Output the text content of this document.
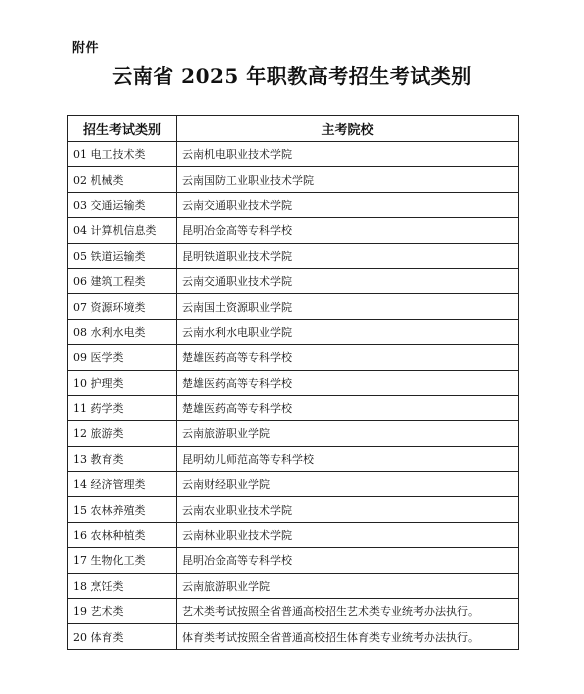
附件
云南省 2025 年职教高考招生考试类别
招生考试类别	主考院校
01 电工技术类	云南机电职业技术学院
02 机械类	云南国防工业职业技术学院
03 交通运输类	云南交通职业技术学院
04 计算机信息类	昆明冶金高等专科学校
05 铁道运输类	昆明铁道职业技术学院
06 建筑工程类	云南交通职业技术学院
07 资源环境类	云南国土资源职业学院
08 水利水电类	云南水利水电职业学院
09 医学类	楚雄医药高等专科学校
10 护理类	楚雄医药高等专科学校
11 药学类	楚雄医药高等专科学校
12 旅游类	云南旅游职业学院
13 教育类	昆明幼儿师范高等专科学校
14 经济管理类	云南财经职业学院
15 农林养殖类	云南农业职业技术学院
16 农林种植类	云南林业职业技术学院
17 生物化工类	昆明冶金高等专科学校
18 烹饪类	云南旅游职业学院
19 艺术类	艺术类考试按照全省普通高校招生艺术类专业统考办法执行。
20 体育类	体育类考试按照全省普通高校招生体育类专业统考办法执行。
